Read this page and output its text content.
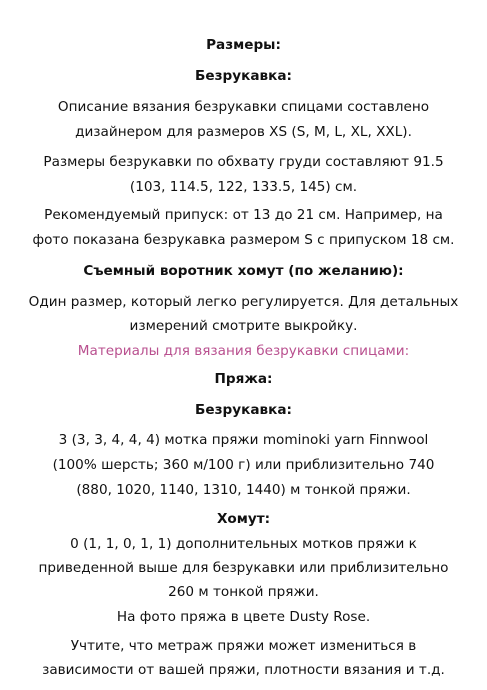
Размеры:
Безрукавка:
Описание вязания безрукавки спицами составлено
дизайнером для размеров XS (S, M, L, XL, XXL).
Размеры безрукавки по обхвату груди составляют 91.5
(103, 114.5, 122, 133.5, 145) см.
Рекомендуемый припуск: от 13 до 21 см. Например, на
фото показана безрукавка размером S с припуском 18 см.
Съемный воротник хомут (по желанию):
Один размер, который легко регулируется. Для детальных
измерений смотрите выкройку.
Материалы для вязания безрукавки спицами:
Пряжа:
Безрукавка:
3 (3, 3, 4, 4, 4) мотка пряжи mominoki yarn Finnwool
(100% шерсть; 360 м/100 г) или приблизительно 740
(880, 1020, 1140, 1310, 1440) м тонкой пряжи.
Хомут:
0 (1, 1, 0, 1, 1) дополнительных мотков пряжи к
приведенной выше для безрукавки или приблизительно
260 м тонкой пряжи.
На фото пряжа в цвете Dusty Rose.
Учтите, что метраж пряжи может измениться в
зависимости от вашей пряжи, плотности вязания и т.д.
